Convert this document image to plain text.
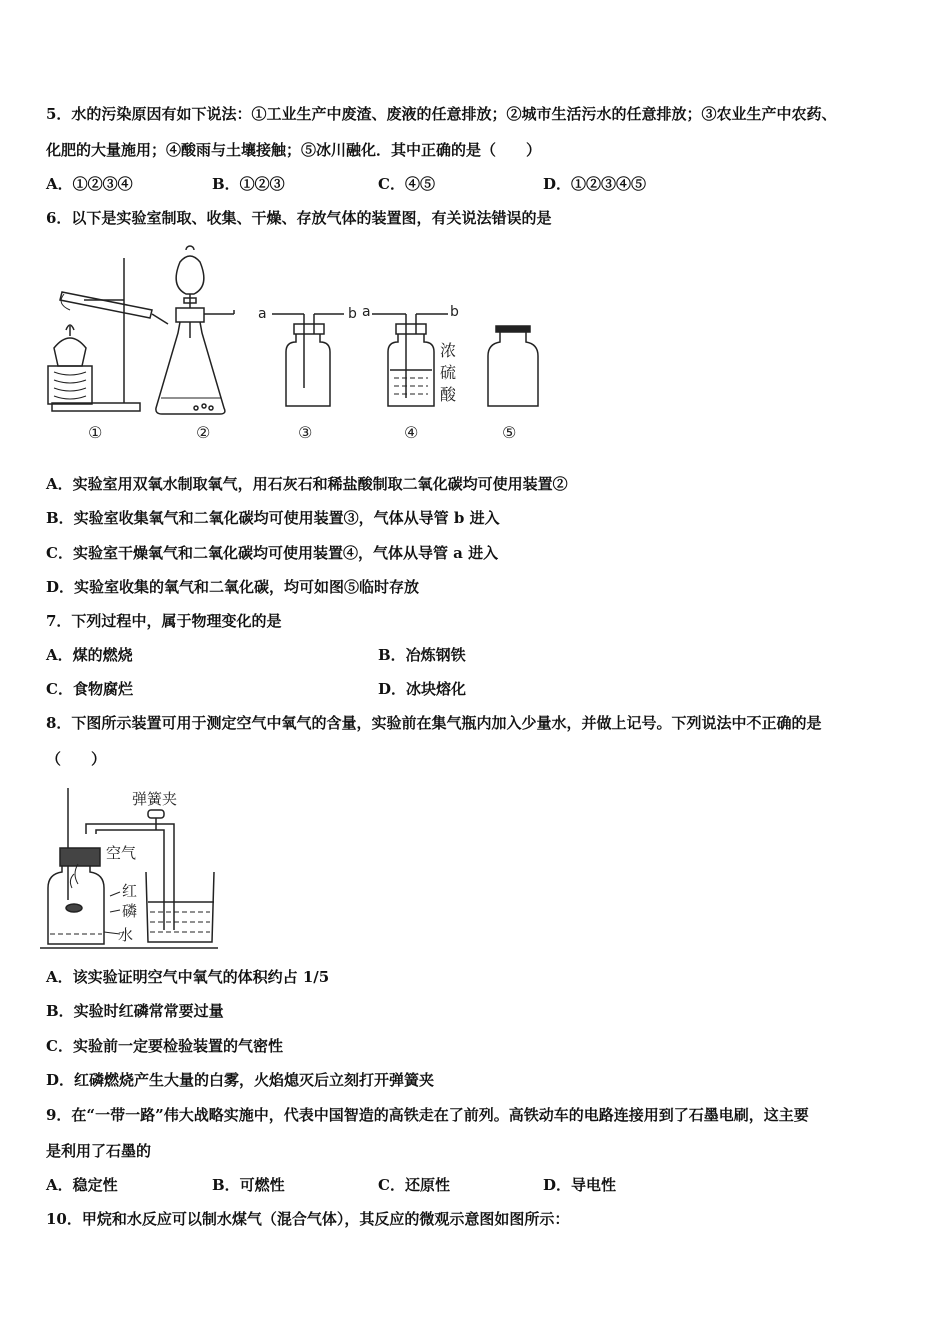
5．水的污染原因有如下说法：①工业生产中废渣、废液的任意排放；②城市生活污水的任意排放；③农业生产中农药、
化肥的大量施用；④酸雨与土壤接触；⑤冰川融化．其中正确的是（　　）
A．①②③④	B．①②③	C．④⑤	D．①②③④⑤
6．以下是实验室制取、收集、干燥、存放气体的装置图，有关说法错误的是
a	b a	b
浓
硫
酸
①	②	③	④	⑤
A．实验室用双氧水制取氧气，用石灰石和稀盐酸制取二氧化碳均可使用装置②
B．实验室收集氧气和二氧化碳均可使用装置③，气体从导管 b 进入
C．实验室干燥氧气和二氧化碳均可使用装置④，气体从导管 a 进入
D．实验室收集的氧气和二氧化碳，均可如图⑤临时存放
7．下列过程中，属于物理变化的是
A．煤的燃烧	B．冶炼钢铁
C．食物腐烂	D．冰块熔化
8．下图所示装置可用于测定空气中氧气的含量，实验前在集气瓶内加入少量水，并做上记号。下列说法中不正确的是
（　　）
弹簧夹
空气
红
磷
水
A．该实验证明空气中氧气的体积约占 1/5
B．实验时红磷常常要过量
C．实验前一定要检验装置的气密性
D．红磷燃烧产生大量的白雾，火焰熄灭后立刻打开弹簧夹
9．在“一带一路”伟大战略实施中，代表中国智造的高铁走在了前列。高铁动车的电路连接用到了石墨电刷，这主要
是利用了石墨的
A．稳定性	B．可燃性	C．还原性	D．导电性
10．甲烷和水反应可以制水煤气（混合气体），其反应的微观示意图如图所示：
